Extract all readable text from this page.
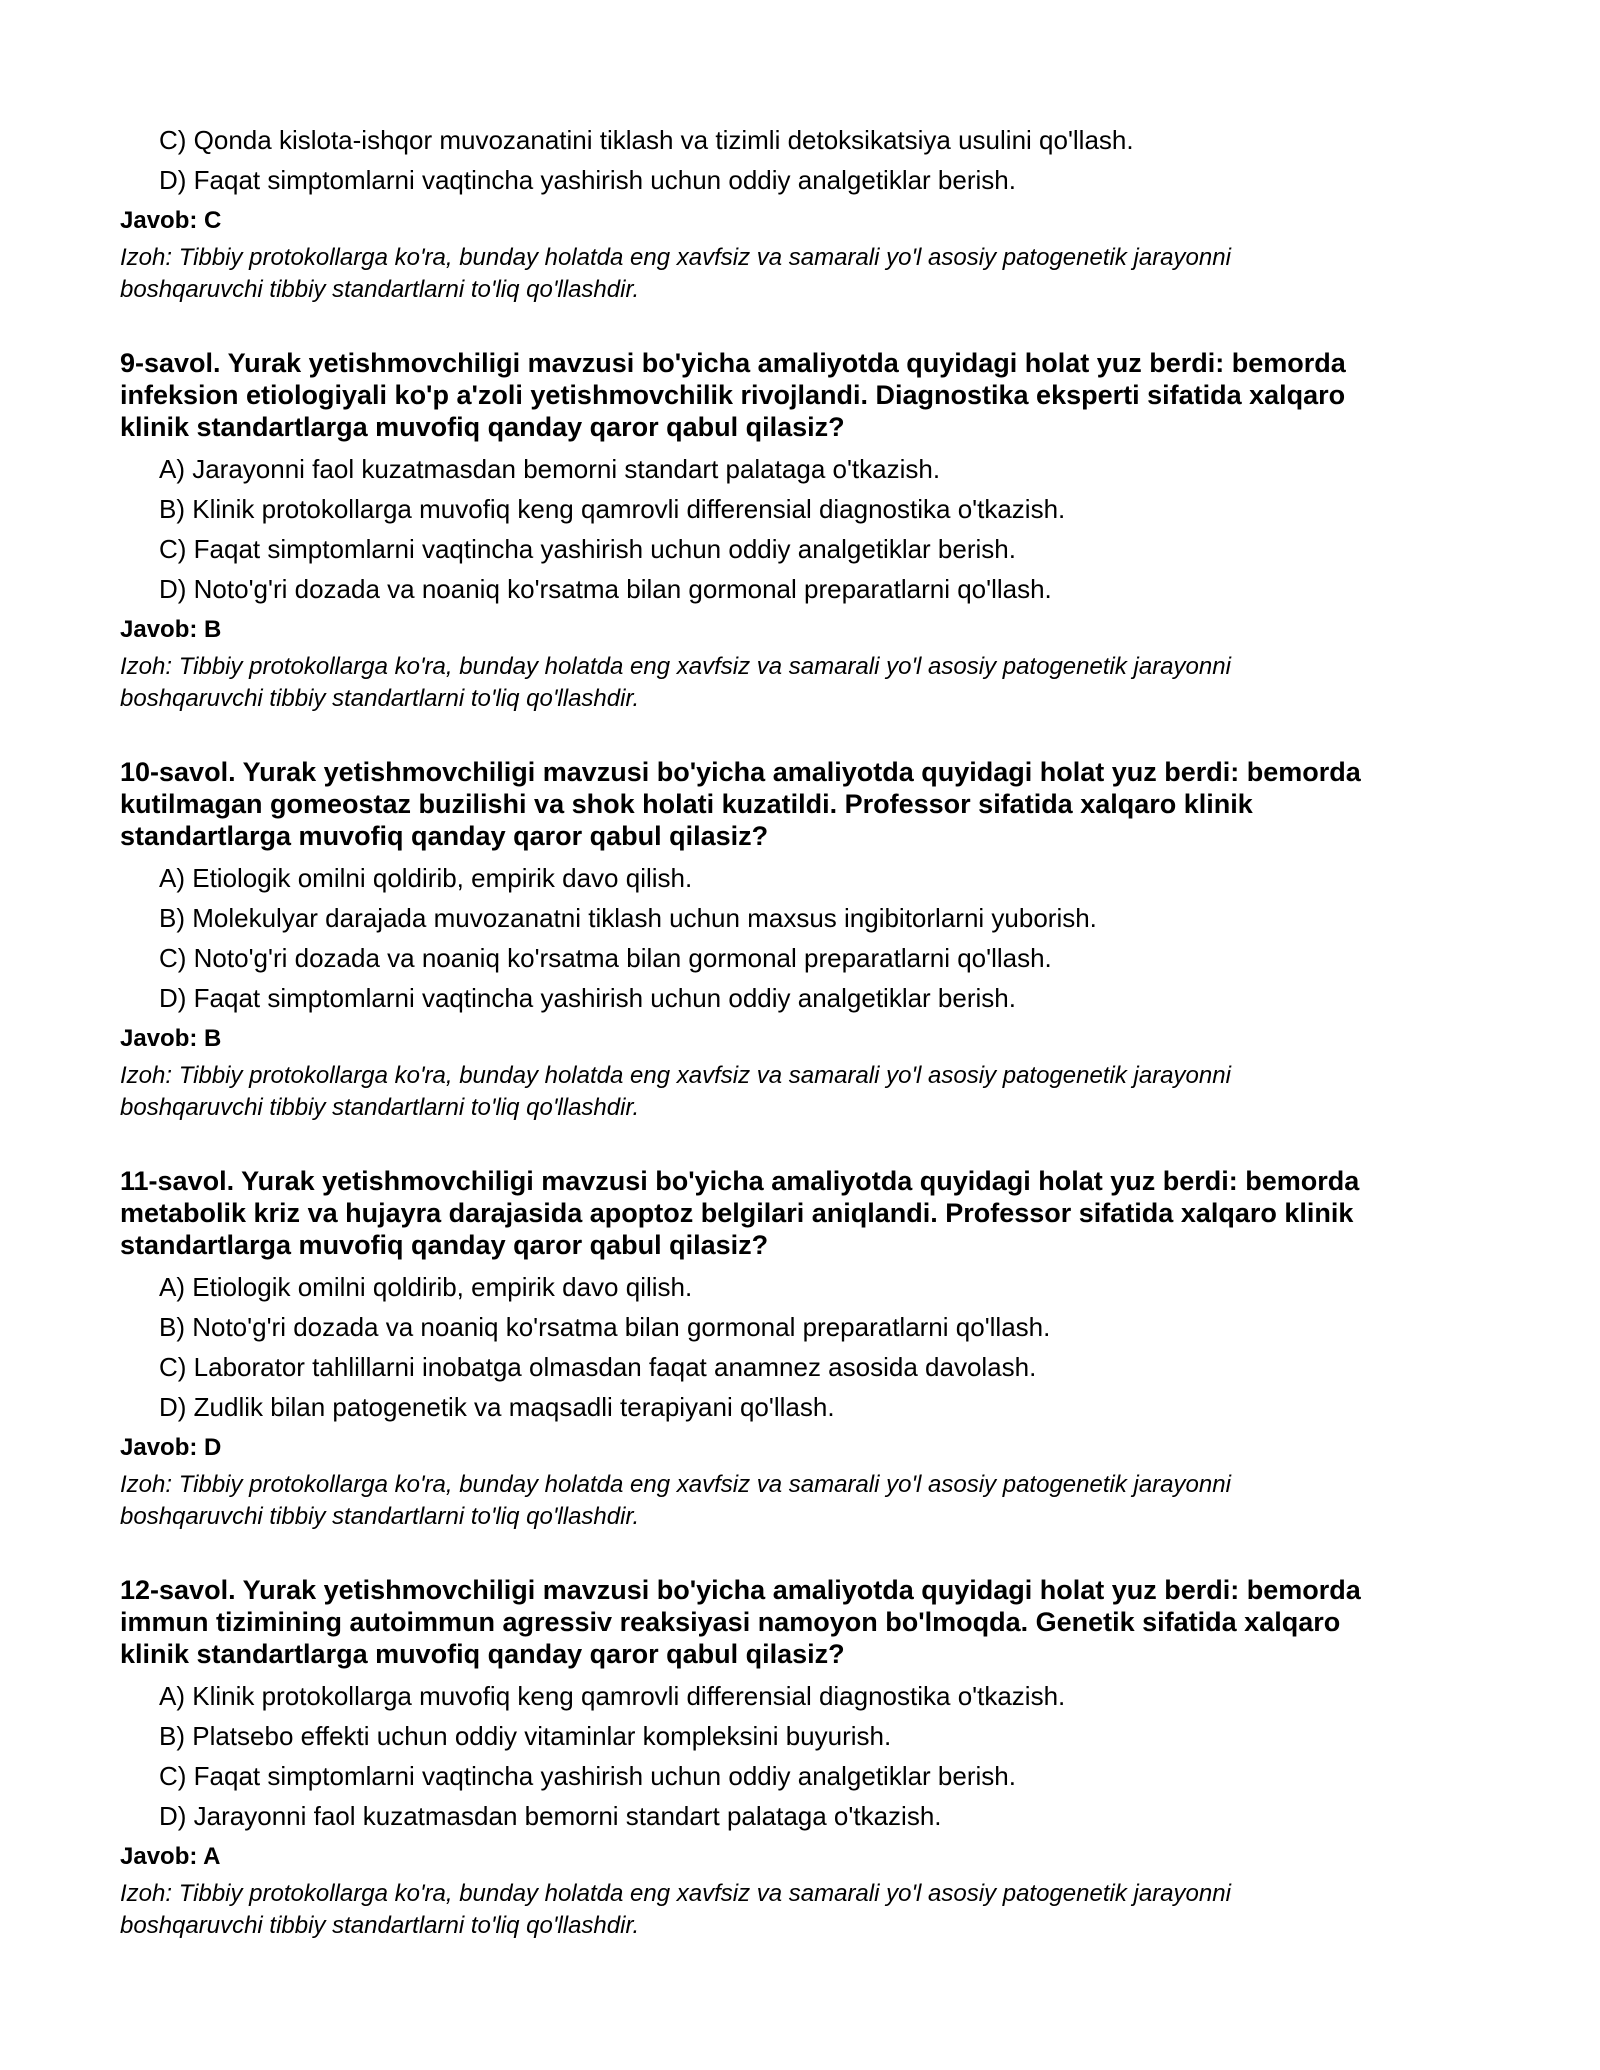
C) Qonda kislota-ishqor muvozanatini tiklash va tizimli detoksikatsiya usulini qo'llash.
D) Faqat simptomlarni vaqtincha yashirish uchun oddiy analgetiklar berish.
Javob: C
Izoh: Tibbiy protokollarga ko'ra, bunday holatda eng xavfsiz va samarali yo'l asosiy patogenetik jarayonni
boshqaruvchi tibbiy standartlarni to'liq qo'llashdir.
9-savol. Yurak yetishmovchiligi mavzusi bo'yicha amaliyotda quyidagi holat yuz berdi: bemorda
infeksion etiologiyali ko'p a'zoli yetishmovchilik rivojlandi. Diagnostika eksperti sifatida xalqaro
klinik standartlarga muvofiq qanday qaror qabul qilasiz?
A) Jarayonni faol kuzatmasdan bemorni standart palataga o'tkazish.
B) Klinik protokollarga muvofiq keng qamrovli differensial diagnostika o'tkazish.
C) Faqat simptomlarni vaqtincha yashirish uchun oddiy analgetiklar berish.
D) Noto'g'ri dozada va noaniq ko'rsatma bilan gormonal preparatlarni qo'llash.
Javob: B
Izoh: Tibbiy protokollarga ko'ra, bunday holatda eng xavfsiz va samarali yo'l asosiy patogenetik jarayonni
boshqaruvchi tibbiy standartlarni to'liq qo'llashdir.
10-savol. Yurak yetishmovchiligi mavzusi bo'yicha amaliyotda quyidagi holat yuz berdi: bemorda
kutilmagan gomeostaz buzilishi va shok holati kuzatildi. Professor sifatida xalqaro klinik
standartlarga muvofiq qanday qaror qabul qilasiz?
A) Etiologik omilni qoldirib, empirik davo qilish.
B) Molekulyar darajada muvozanatni tiklash uchun maxsus ingibitorlarni yuborish.
C) Noto'g'ri dozada va noaniq ko'rsatma bilan gormonal preparatlarni qo'llash.
D) Faqat simptomlarni vaqtincha yashirish uchun oddiy analgetiklar berish.
Javob: B
Izoh: Tibbiy protokollarga ko'ra, bunday holatda eng xavfsiz va samarali yo'l asosiy patogenetik jarayonni
boshqaruvchi tibbiy standartlarni to'liq qo'llashdir.
11-savol. Yurak yetishmovchiligi mavzusi bo'yicha amaliyotda quyidagi holat yuz berdi: bemorda
metabolik kriz va hujayra darajasida apoptoz belgilari aniqlandi. Professor sifatida xalqaro klinik
standartlarga muvofiq qanday qaror qabul qilasiz?
A) Etiologik omilni qoldirib, empirik davo qilish.
B) Noto'g'ri dozada va noaniq ko'rsatma bilan gormonal preparatlarni qo'llash.
C) Laborator tahlillarni inobatga olmasdan faqat anamnez asosida davolash.
D) Zudlik bilan patogenetik va maqsadli terapiyani qo'llash.
Javob: D
Izoh: Tibbiy protokollarga ko'ra, bunday holatda eng xavfsiz va samarali yo'l asosiy patogenetik jarayonni
boshqaruvchi tibbiy standartlarni to'liq qo'llashdir.
12-savol. Yurak yetishmovchiligi mavzusi bo'yicha amaliyotda quyidagi holat yuz berdi: bemorda
immun tizimining autoimmun agressiv reaksiyasi namoyon bo'lmoqda. Genetik sifatida xalqaro
klinik standartlarga muvofiq qanday qaror qabul qilasiz?
A) Klinik protokollarga muvofiq keng qamrovli differensial diagnostika o'tkazish.
B) Platsebo effekti uchun oddiy vitaminlar kompleksini buyurish.
C) Faqat simptomlarni vaqtincha yashirish uchun oddiy analgetiklar berish.
D) Jarayonni faol kuzatmasdan bemorni standart palataga o'tkazish.
Javob: A
Izoh: Tibbiy protokollarga ko'ra, bunday holatda eng xavfsiz va samarali yo'l asosiy patogenetik jarayonni
boshqaruvchi tibbiy standartlarni to'liq qo'llashdir.
